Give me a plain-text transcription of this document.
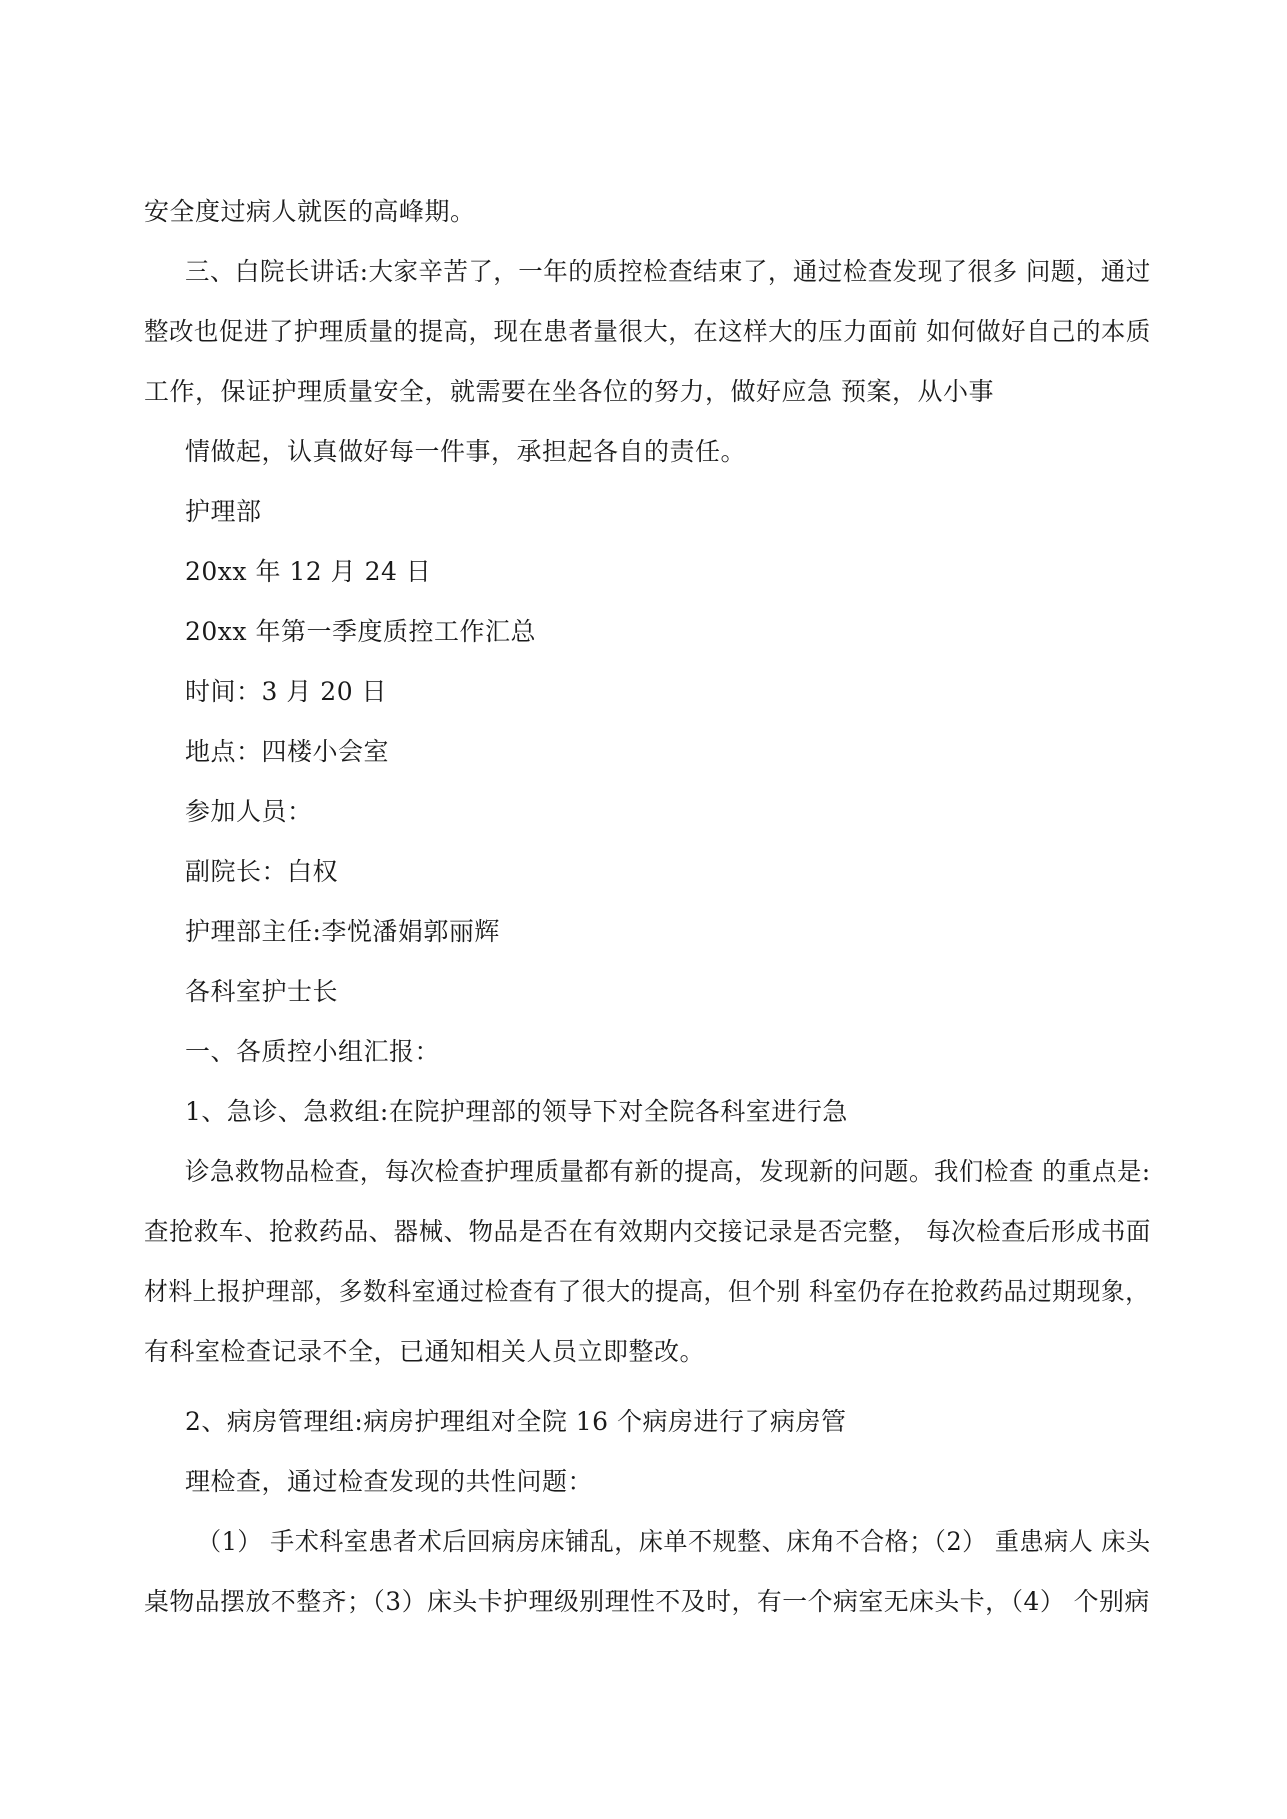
安全度过病人就医的高峰期。
三、白院长讲话:大家辛苦了，一年的质控检查结束了，通过检查发现了很多 问题，通过
整改也促进了护理质量的提高，现在患者量很大，在这样大的压力面前 如何做好自己的本质
工作，保证护理质量安全，就需要在坐各位的努力，做好应急 预案，从小事
情做起，认真做好每一件事，承担起各自的责任。
护理部
20xx 年 12 月 24 日
20xx 年第一季度质控工作汇总
时间：3 月 20 日
地点：四楼小会室
参加人员：
副院长：白权
护理部主任:李悦潘娟郭丽辉
各科室护士长
一、各质控小组汇报：
1、急诊、急救组:在院护理部的领导下对全院各科室进行急
诊急救物品检查，每次检查护理质量都有新的提高，发现新的问题。我们检查 的重点是:
查抢救车、抢救药品、器械、物品是否在有效期内交接记录是否完整， 每次检查后形成书面
材料上报护理部，多数科室通过检查有了很大的提高，但个别 科室仍存在抢救药品过期现象，
有科室检查记录不全，已通知相关人员立即整改。
2、病房管理组:病房护理组对全院 16 个病房进行了病房管
理检查，通过检查发现的共性问题：
（1） 手术科室患者术后回病房床铺乱，床单不规整、床角不合格；（2） 重患病人 床头
桌物品摆放不整齐；（3）床头卡护理级别理性不及时，有一个病室无床头卡，（4） 个别病
